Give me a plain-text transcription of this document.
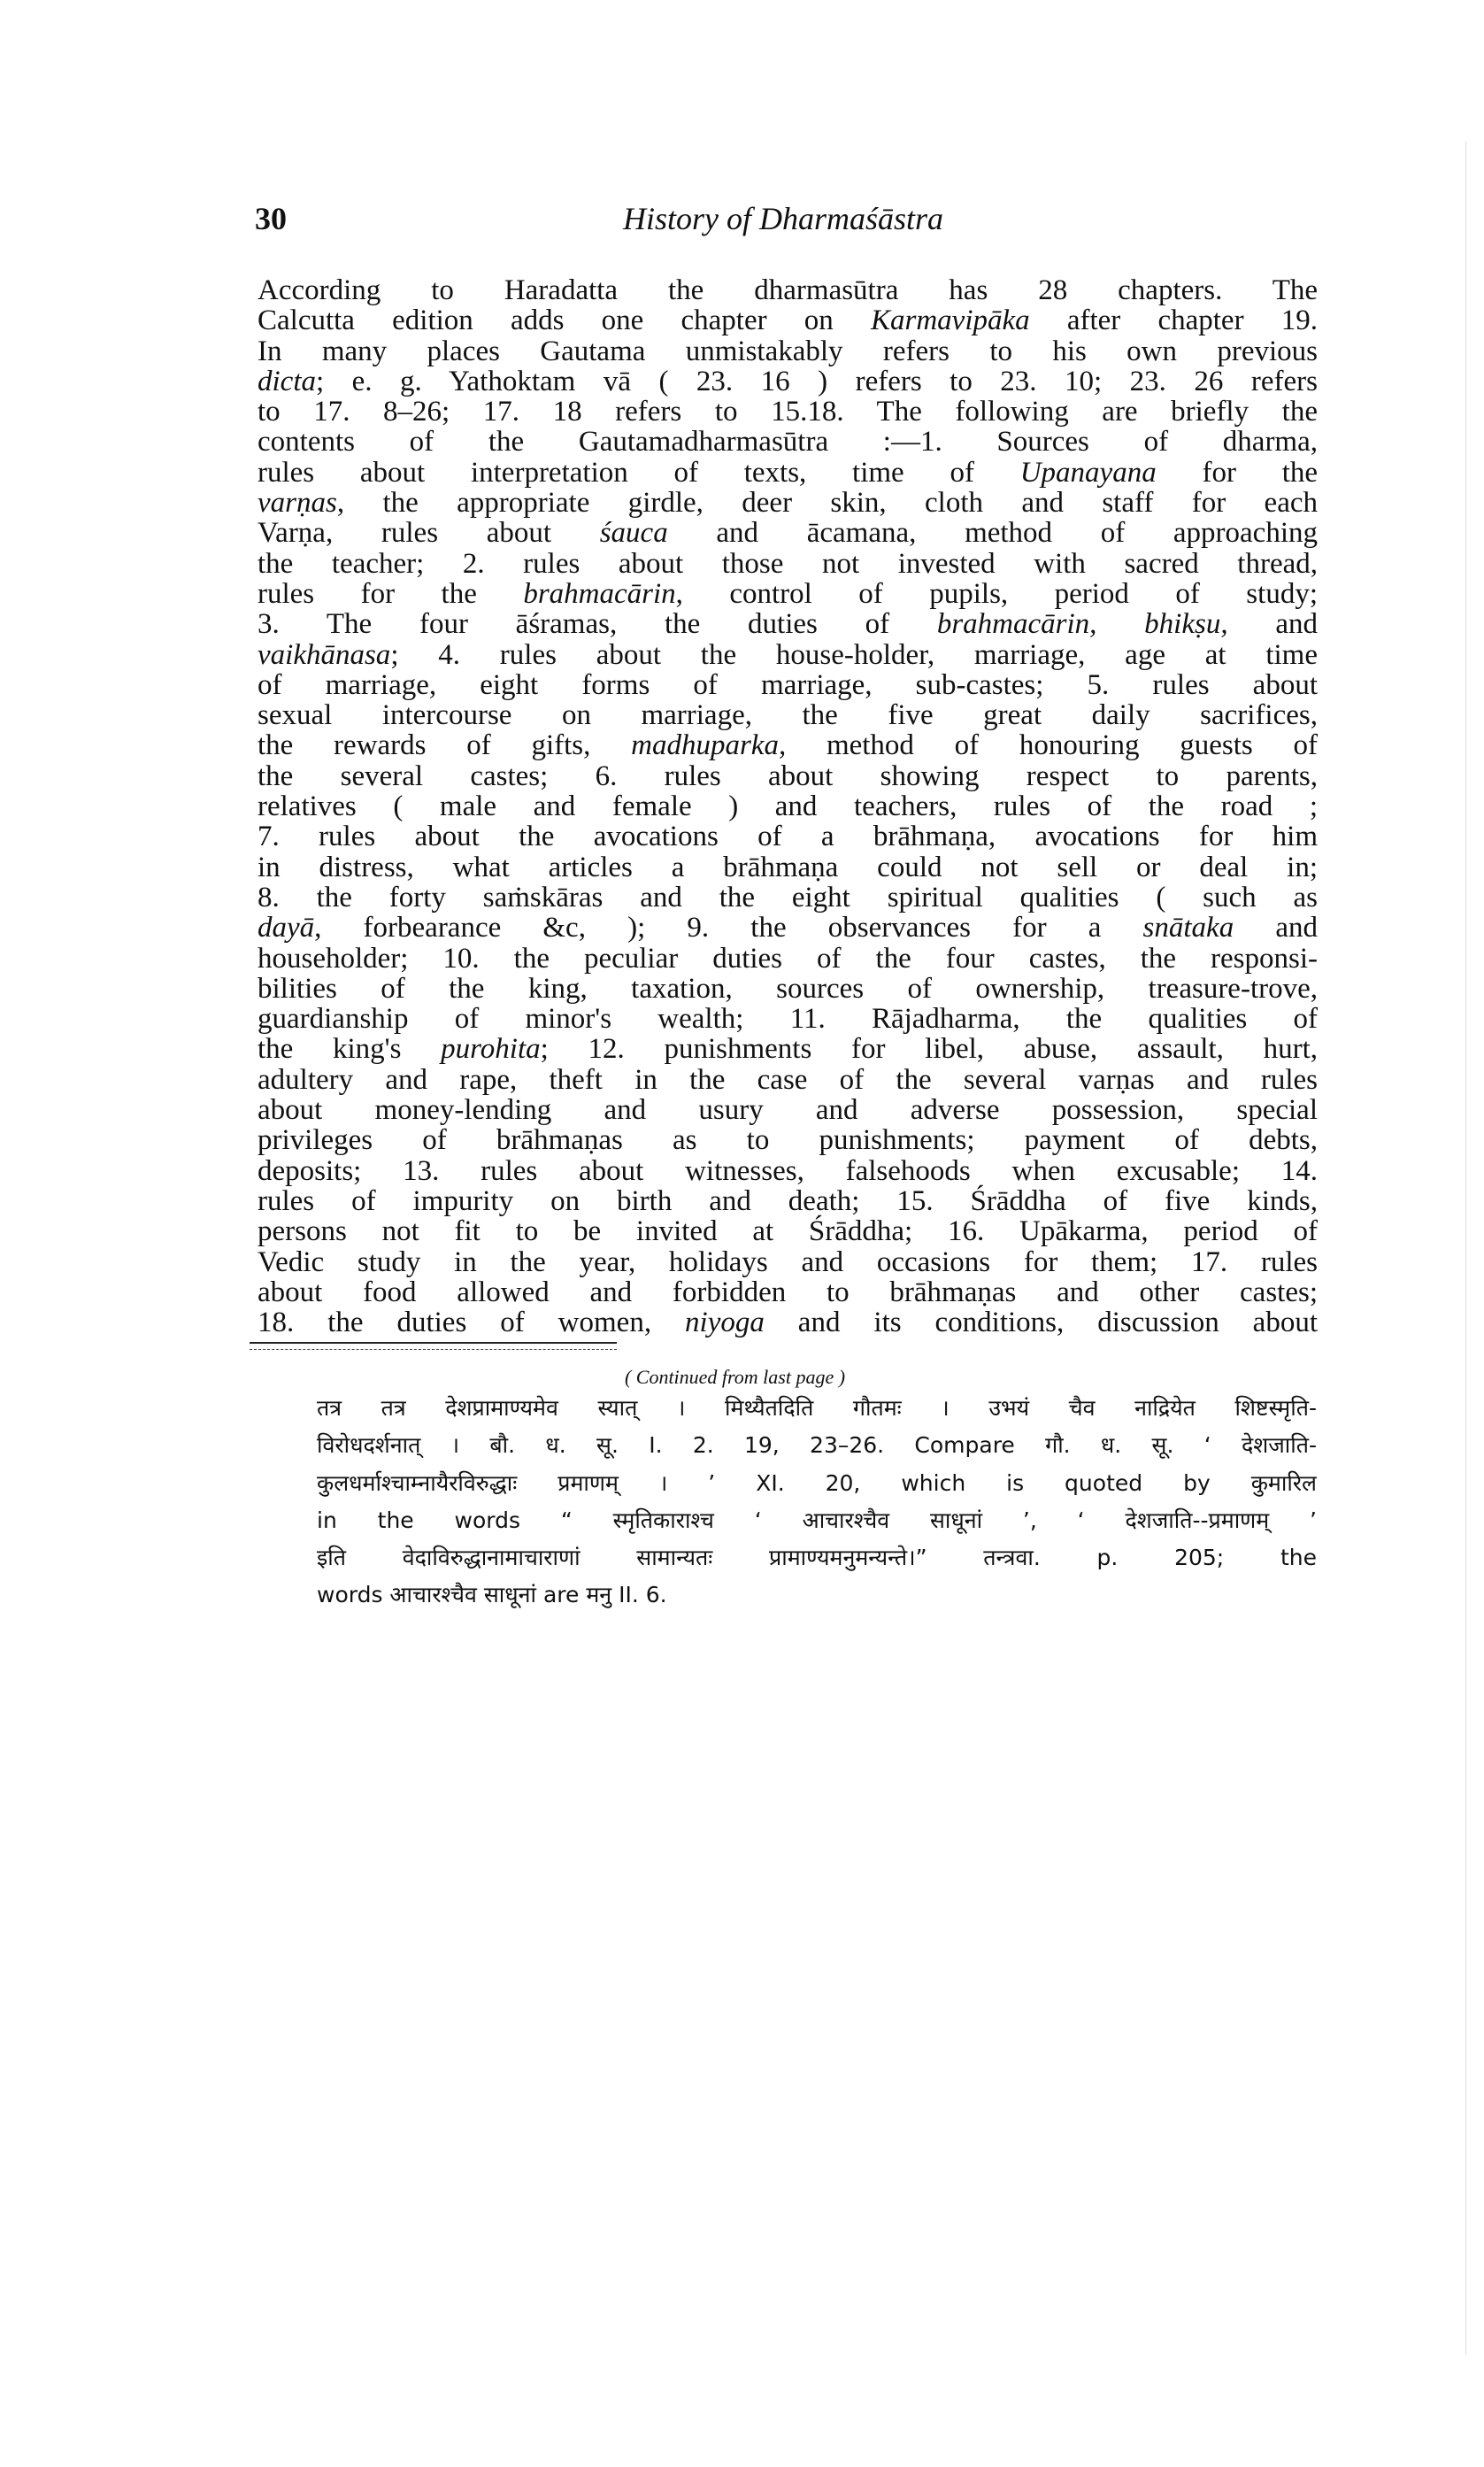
30	History of Dharmaśāstra
According to Haradatta the dharmasūtra has 28 chapters. The
Calcutta edition adds one chapter on Karmavipāka after chapter 19.
In many places Gautama unmistakably refers to his own previous
dicta; e. g. Yathoktam vā ( 23. 16 ) refers to 23. 10; 23. 26 refers
to 17. 8–26; 17. 18 refers to 15.18. The following are briefly the
contents of the Gautamadharmasūtra :—1. Sources of dharma,
rules about interpretation of texts, time of Upanayana for the
varṇas, the appropriate girdle, deer skin, cloth and staff for each
Varṇa, rules about śauca and ācamana, method of approaching
the teacher; 2. rules about those not invested with sacred thread,
rules for the brahmacārin, control of pupils, period of study;
3. The four āśramas, the duties of brahmacārin, bhikṣu, and
vaikhānasa; 4. rules about the house-holder, marriage, age at time
of marriage, eight forms of marriage, sub-castes; 5. rules about
sexual intercourse on marriage, the five great daily sacrifices,
the rewards of gifts, madhuparka, method of honouring guests of
the several castes; 6. rules about showing respect to parents,
relatives ( male and female ) and teachers, rules of the road ;
7. rules about the avocations of a brāhmaṇa, avocations for him
in distress, what articles a brāhmaṇa could not sell or deal in;
8. the forty saṁskāras and the eight spiritual qualities ( such as
dayā, forbearance &c, ); 9. the observances for a snātaka and
householder; 10. the peculiar duties of the four castes, the responsi-
bilities of the king, taxation, sources of ownership, treasure-trove,
guardianship of minor's wealth; 11. Rājadharma, the qualities of
the king's purohita; 12. punishments for libel, abuse, assault, hurt,
adultery and rape, theft in the case of the several varṇas and rules
about money-lending and usury and adverse possession, special
privileges of brāhmaṇas as to punishments; payment of debts,
deposits; 13. rules about witnesses, falsehoods when excusable; 14.
rules of impurity on birth and death; 15. Śrāddha of five kinds,
persons not fit to be invited at Śrāddha; 16. Upākarma, period of
Vedic study in the year, holidays and occasions for them; 17. rules
about food allowed and forbidden to brāhmaṇas and other castes;
18. the duties of women, niyoga and its conditions, discussion about
( Continued from last page )
तत्र तत्र देशप्रामाण्यमेव स्यात् । मिथ्यैतदिति गौतमः । उभयं चैव नाद्रियेत शिष्टस्मृति-
विरोधदर्शनात् । बौ. ध. सू. I. 2. 19, 23–26. Compare गौ. ध. सू. ‘ देशजाति-
कुलधर्माश्चाम्नायैरविरुद्धाः प्रमाणम् । ’ XI. 20, which is quoted by कुमारिल
in the words “ स्मृतिकाराश्च ‘ आचारश्चैव साधूनां ’, ‘ देशजाति--प्रमाणम् ’
इति वेदाविरुद्धानामाचाराणां सामान्यतः प्रामाण्यमनुमन्यन्ते।” तन्त्रवा. p. 205; the
words आचारश्चैव साधूनां are मनु II. 6.
